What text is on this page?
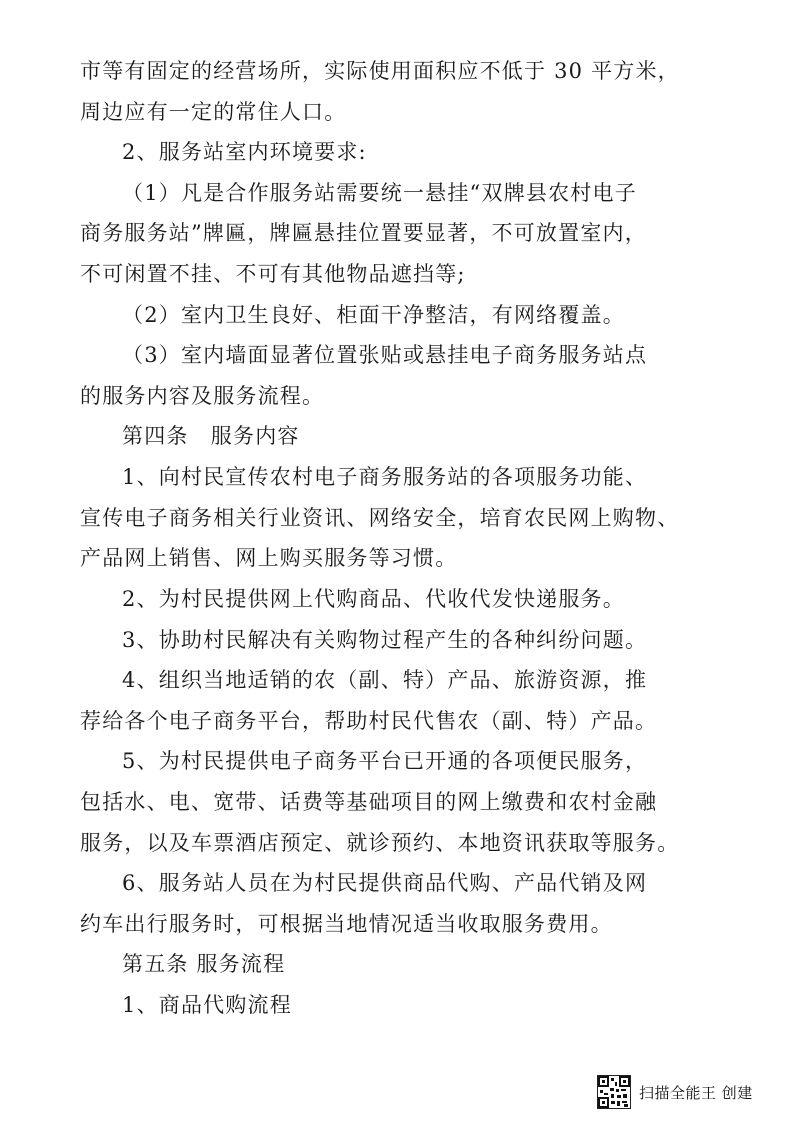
市等有固定的经营场所，实际使用面积应不低于 30 平方米，
周边应有一定的常住人口。
2、服务站室内环境要求:
（1）凡是合作服务站需要统一悬挂“双牌县农村电子
商务服务站”牌匾，牌匾悬挂位置要显著，不可放置室内，
不可闲置不挂、不可有其他物品遮挡等;
（2）室内卫生良好、柜面干净整洁，有网络覆盖。
（3）室内墙面显著位置张贴或悬挂电子商务服务站点
的服务内容及服务流程。
第四条　服务内容
1、向村民宣传农村电子商务服务站的各项服务功能、
宣传电子商务相关行业资讯、网络安全，培育农民网上购物、
产品网上销售、网上购买服务等习惯。
2、为村民提供网上代购商品、代收代发快递服务。
3、协助村民解决有关购物过程产生的各种纠纷问题。
4、组织当地适销的农（副、特）产品、旅游资源，推
荐给各个电子商务平台，帮助村民代售农（副、特）产品。
5、为村民提供电子商务平台已开通的各项便民服务，
包括水、电、宽带、话费等基础项目的网上缴费和农村金融
服务，以及车票酒店预定、就诊预约、本地资讯获取等服务。
6、服务站人员在为村民提供商品代购、产品代销及网
约车出行服务时，可根据当地情况适当收取服务费用。
第五条 服务流程
1、商品代购流程
扫描全能王 创建
